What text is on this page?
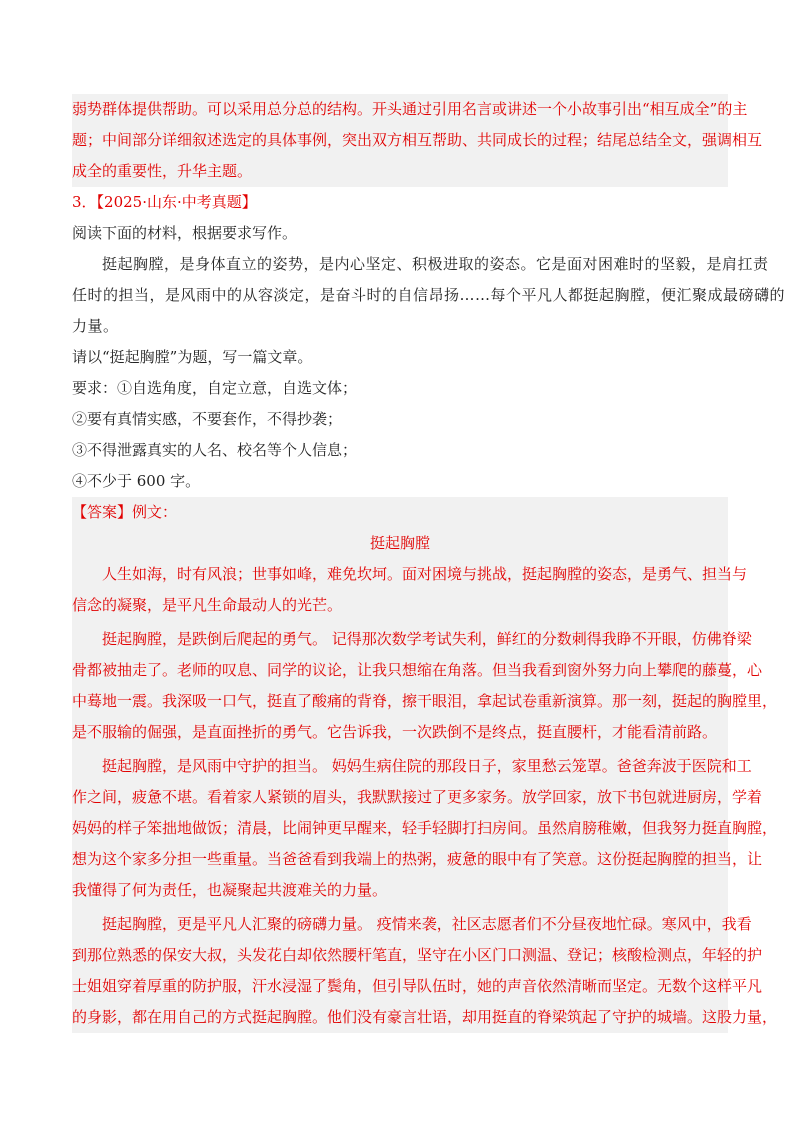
弱势群体提供帮助。可以采用总分总的结构。开头通过引用名言或讲述一个小故事引出“相互成全”的主
题；中间部分详细叙述选定的具体事例，突出双方相互帮助、共同成长的过程；结尾总结全文，强调相互
成全的重要性，升华主题。
3．【2025·山东·中考真题】
阅读下面的材料，根据要求写作。
挺起胸膛，是身体直立的姿势，是内心坚定、积极进取的姿态。它是面对困难时的坚毅，是肩扛责
任时的担当，是风雨中的从容淡定，是奋斗时的自信昂扬……每个平凡人都挺起胸膛，便汇聚成最磅礴的
力量。
请以“挺起胸膛”为题，写一篇文章。
要求：①自选角度，自定立意，自选文体；
②要有真情实感，不要套作，不得抄袭；
③不得泄露真实的人名、校名等个人信息；
④不少于 600 字。
【答案】例文：
挺起胸膛
人生如海，时有风浪；世事如峰，难免坎坷。面对困境与挑战，挺起胸膛的姿态，是勇气、担当与
信念的凝聚，是平凡生命最动人的光芒。
挺起胸膛，是跌倒后爬起的勇气。 记得那次数学考试失利，鲜红的分数刺得我睁不开眼，仿佛脊梁
骨都被抽走了。老师的叹息、同学的议论，让我只想缩在角落。但当我看到窗外努力向上攀爬的藤蔓，心
中蓦地一震。我深吸一口气，挺直了酸痛的背脊，擦干眼泪，拿起试卷重新演算。那一刻，挺起的胸膛里，
是不服输的倔强，是直面挫折的勇气。它告诉我，一次跌倒不是终点，挺直腰杆，才能看清前路。
挺起胸膛，是风雨中守护的担当。 妈妈生病住院的那段日子，家里愁云笼罩。爸爸奔波于医院和工
作之间，疲惫不堪。看着家人紧锁的眉头，我默默接过了更多家务。放学回家，放下书包就进厨房，学着
妈妈的样子笨拙地做饭；清晨，比闹钟更早醒来，轻手轻脚打扫房间。虽然肩膀稚嫩，但我努力挺直胸膛，
想为这个家多分担一些重量。当爸爸看到我端上的热粥，疲惫的眼中有了笑意。这份挺起胸膛的担当，让
我懂得了何为责任，也凝聚起共渡难关的力量。
挺起胸膛，更是平凡人汇聚的磅礴力量。 疫情来袭，社区志愿者们不分昼夜地忙碌。寒风中，我看
到那位熟悉的保安大叔，头发花白却依然腰杆笔直，坚守在小区门口测温、登记；核酸检测点，年轻的护
士姐姐穿着厚重的防护服，汗水浸湿了鬓角，但引导队伍时，她的声音依然清晰而坚定。无数个这样平凡
的身影，都在用自己的方式挺起胸膛。他们没有豪言壮语，却用挺直的脊梁筑起了守护的城墙。这股力量，
